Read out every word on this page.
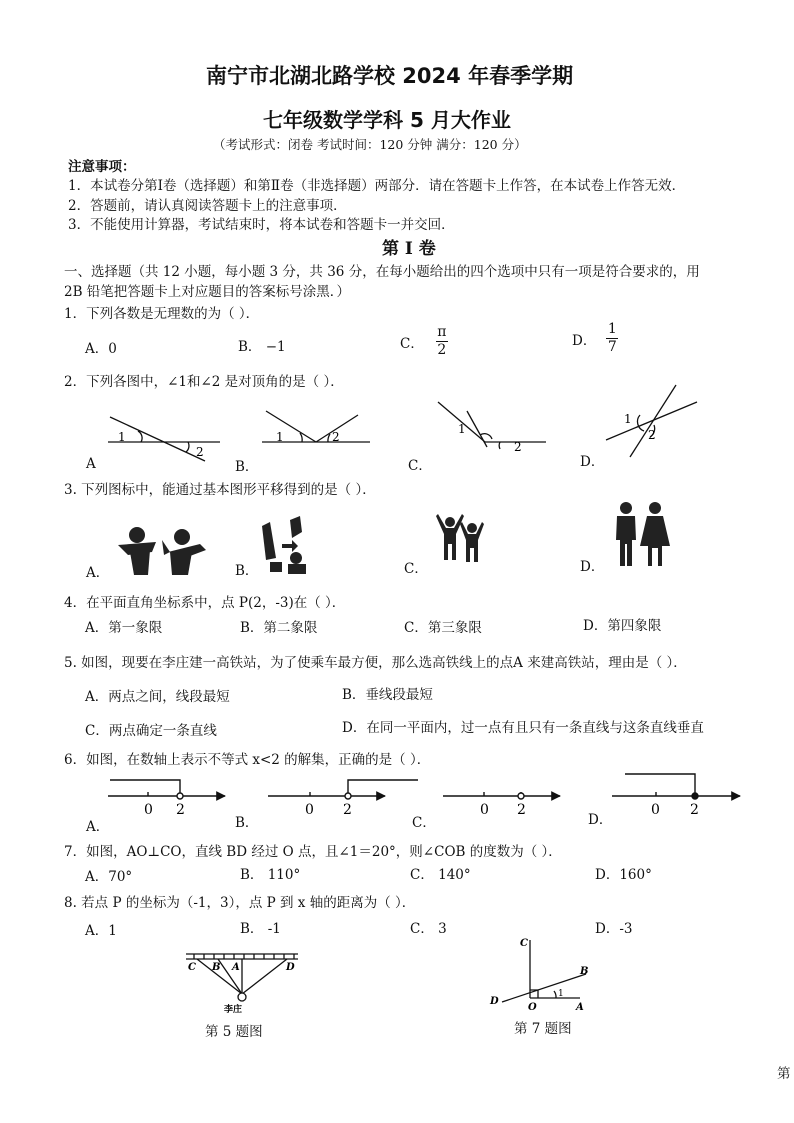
南宁市北湖北路学校 2024 年春季学期
七年级数学学科 5 月大作业
（考试形式：闭卷 考试时间：120 分钟 满分：120 分）
注意事项：
1．本试卷分第Ⅰ卷（选择题）和第Ⅱ卷（非选择题）两部分．请在答题卡上作答，在本试卷上作答无效．
2．答题前，请认真阅读答题卡上的注意事项．
3．不能使用计算器，考试结束时，将本试卷和答题卡一并交回．
第 Ⅰ 卷
一、选择题（共 12 小题，每小题 3 分，共 36 分，在每小题给出的四个选项中只有一项是符合要求的，用
2B 铅笔把答题卡上对应题目的答案标号涂黑．）
1．下列各数是无理数的为（ ）．
A．0	B． −1	C． $\frac{\pi}{2}$	D． $\frac{1}{7}$
2．下列各图中，∠1和∠2 是对顶角的是（ ）．
1
2
1	2
1
2
1
2
A	B．	C．	D．
3. 下列图标中，能通过基本图形平移得到的是（ ）．
A．	B．	C．	D．
4．在平面直角坐标系中，点 P(2，-3)在（ ）．
A．第一象限	B．第二象限	C．第三象限	D．第四象限
5. 如图，现要在李庄建一高铁站，为了使乘车最方便，那么选高铁线上的点A 来建高铁站，理由是（ ）．
A．两点之间，线段最短	B．垂线段最短
C．两点确定一条直线	D．在同一平面内，过一点有且只有一条直线与这条直线垂直
6．如图，在数轴上表示不等式 x<2 的解集，正确的是（ ）．
0 2	0 2	0 2	0 2
A．	B．	C．	D．
7．如图，AO⊥CO，直线 BD 经过 O 点，且∠1＝20°，则∠COB 的度数为（ ）．
A．70°	B． 110°	C． 140°	D．160°
8. 若点 P 的坐标为（-1，3），点 P 到 x 轴的距离为（ ）．
A．1	B． -1	C． 3	D．-3
C B A	D
李庄
第 5 题图
C
B
D
O	A
1
第 7 题图
第
